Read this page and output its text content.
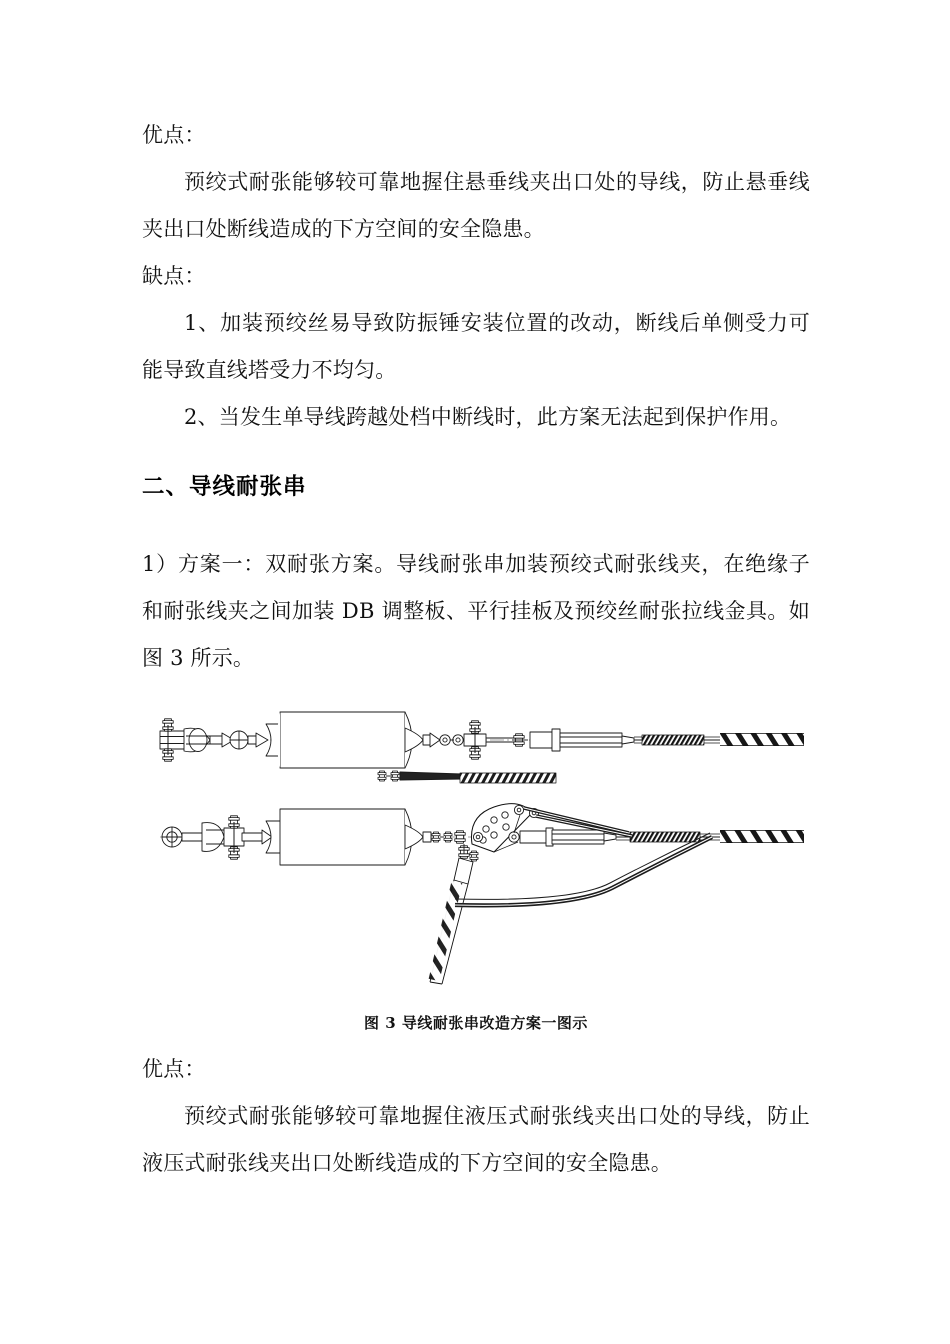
优点：

预绞式耐张能够较可靠地握住悬垂线夹出口处的导线，防止悬垂线夹出口处断线造成的下方空间的安全隐患。

缺点：

1、加装预绞丝易导致防振锤安装位置的改动，断线后单侧受力可能导致直线塔受力不均匀。

2、当发生单导线跨越处档中断线时，此方案无法起到保护作用。

二、导线耐张串

1）方案一：双耐张方案。导线耐张串加装预绞式耐张线夹，在绝缘子和耐张线夹之间加装 DB 调整板、平行挂板及预绞丝耐张拉线金具。如图 3 所示。

图 3 导线耐张串改造方案一图示

优点：

预绞式耐张能够较可靠地握住液压式耐张线夹出口处的导线，防止液压式耐张线夹出口处断线造成的下方空间的安全隐患。
